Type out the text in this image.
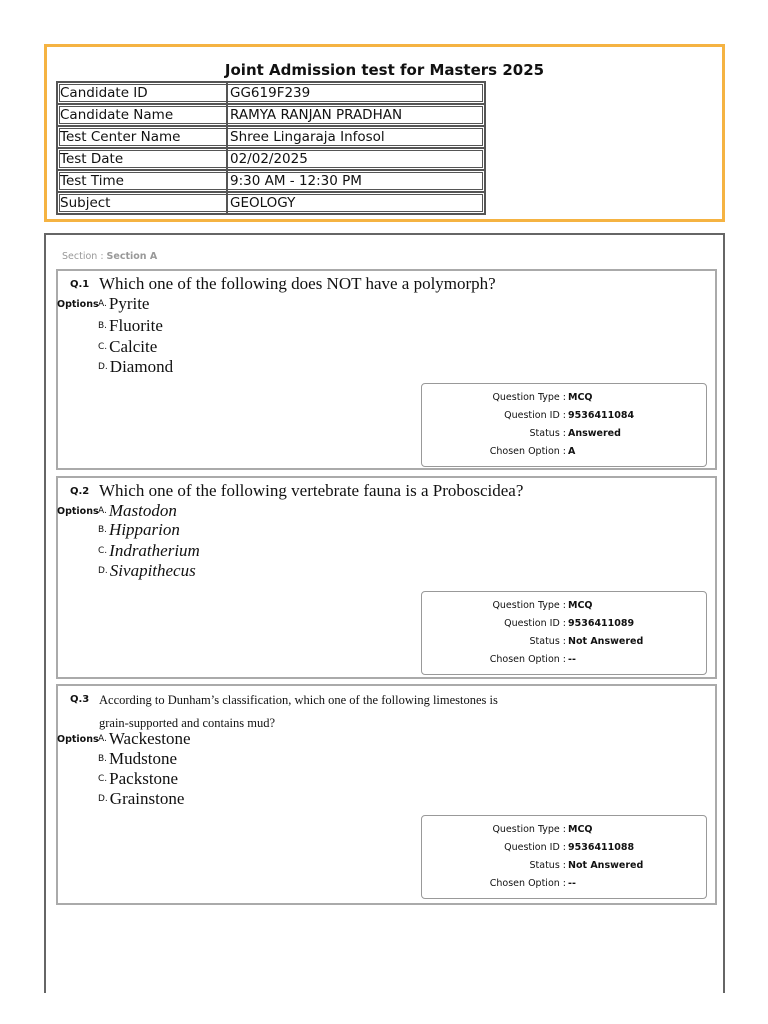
Joint Admission test for Masters 2025
Candidate ID	GG619F239
Candidate Name	RAMYA RANJAN PRADHAN
Test Center Name	Shree Lingaraja Infosol
Test Date	02/02/2025
Test Time	9:30 AM - 12:30 PM
Subject	GEOLOGY
Section : Section A
Q.1 Which one of the following does NOT have a polymorph?
Options A. Pyrite
B. Fluorite
C. Calcite
D. Diamond
Question Type : MCQ
Question ID : 9536411084
Status : Answered
Chosen Option : A
Q.2 Which one of the following vertebrate fauna is a Proboscidea?
Options A. Mastodon
B. Hipparion
C. Indratherium
D. Sivapithecus
Question Type : MCQ
Question ID : 9536411089
Status : Not Answered
Chosen Option : --
Q.3 According to Dunham’s classification, which one of the following limestones is
grain-supported and contains mud?
Options A. Wackestone
B. Mudstone
C. Packstone
D. Grainstone
Question Type : MCQ
Question ID : 9536411088
Status : Not Answered
Chosen Option : --
